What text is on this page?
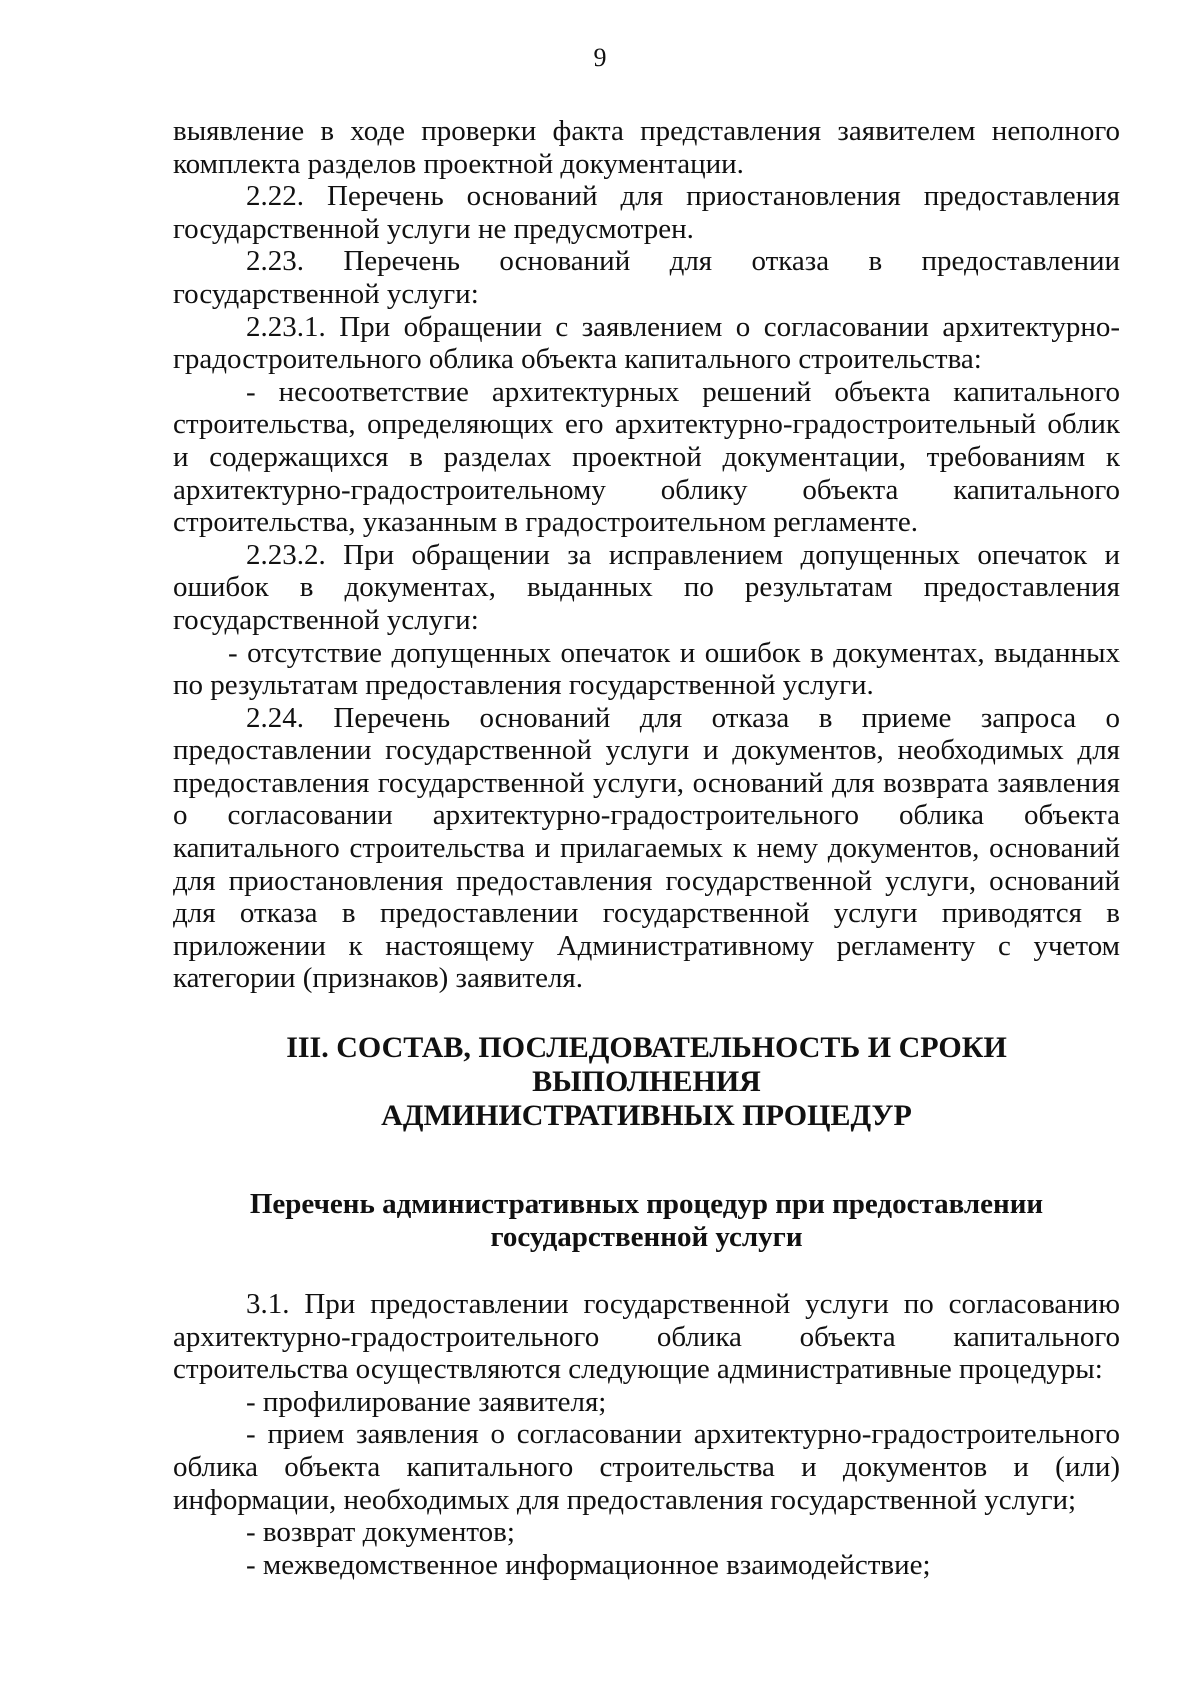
9

выявление в ходе проверки факта представления заявителем неполного комплекта разделов проектной документации.

2.22. Перечень оснований для приостановления предоставления государственной услуги не предусмотрен.

2.23. Перечень оснований для отказа в предоставлении государственной услуги:

2.23.1. При обращении с заявлением о согласовании архитектурно-градостроительного облика объекта капитального строительства:

- несоответствие архитектурных решений объекта капитального строительства, определяющих его архитектурно-градостроительный облик и содержащихся в разделах проектной документации, требованиям к архитектурно-градостроительному облику объекта капитального строительства, указанным в градостроительном регламенте.

2.23.2. При обращении за исправлением допущенных опечаток и ошибок в документах, выданных по результатам предоставления государственной услуги:

- отсутствие допущенных опечаток и ошибок в документах, выданных по результатам предоставления государственной услуги.

2.24. Перечень оснований для отказа в приеме запроса о предоставлении государственной услуги и документов, необходимых для предоставления государственной услуги, оснований для возврата заявления о согласовании архитектурно-градостроительного облика объекта капитального строительства и прилагаемых к нему документов, оснований для приостановления предоставления государственной услуги, оснований для отказа в предоставлении государственной услуги приводятся в приложении к настоящему Административному регламенту с учетом категории (признаков) заявителя.

III. СОСТАВ, ПОСЛЕДОВАТЕЛЬНОСТЬ И СРОКИ ВЫПОЛНЕНИЯ
АДМИНИСТРАТИВНЫХ ПРОЦЕДУР
Перечень административных процедур при предоставлении
государственной услуги

3.1. При предоставлении государственной услуги по согласованию архитектурно-градостроительного облика объекта капитального строительства осуществляются следующие административные процедуры:

- профилирование заявителя;

- прием заявления о согласовании архитектурно-градостроительного облика объекта капитального строительства и документов и (или) информации, необходимых для предоставления государственной услуги;

- возврат документов;

- межведомственное информационное взаимодействие;
